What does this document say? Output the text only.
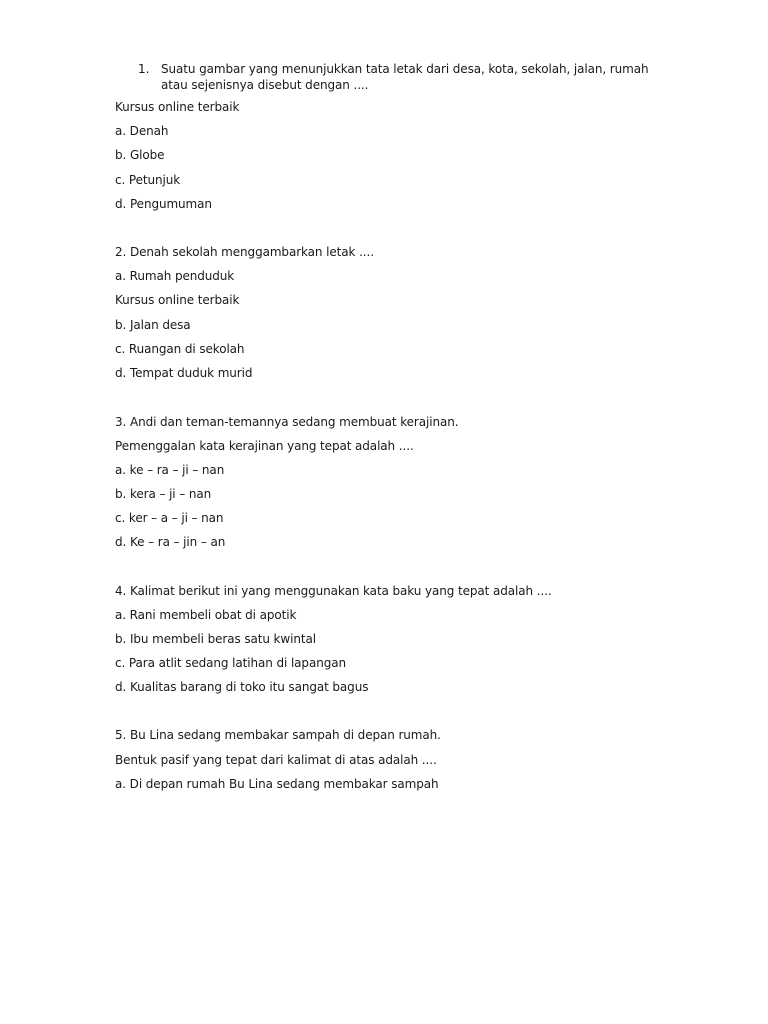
1. Suatu gambar yang menunjukkan tata letak dari desa, kota, sekolah, jalan, rumah atau sejenisnya disebut dengan ....
Kursus online terbaik
a. Denah
b. Globe
c. Petunjuk
d. Pengumuman
2. Denah sekolah menggambarkan letak ....
a. Rumah penduduk
Kursus online terbaik
b. Jalan desa
c. Ruangan di sekolah
d. Tempat duduk murid
3. Andi dan teman-temannya sedang membuat kerajinan.
Pemenggalan kata kerajinan yang tepat adalah ....
a. ke – ra – ji – nan
b. kera – ji – nan
c. ker – a – ji – nan
d. Ke – ra – jin – an
4. Kalimat berikut ini yang menggunakan kata baku yang tepat adalah ....
a. Rani membeli obat di apotik
b. Ibu membeli beras satu kwintal
c. Para atlit sedang latihan di lapangan
d. Kualitas barang di toko itu sangat bagus
5. Bu Lina sedang membakar sampah di depan rumah.
Bentuk pasif yang tepat dari kalimat di atas adalah ....
a. Di depan rumah Bu Lina sedang membakar sampah
